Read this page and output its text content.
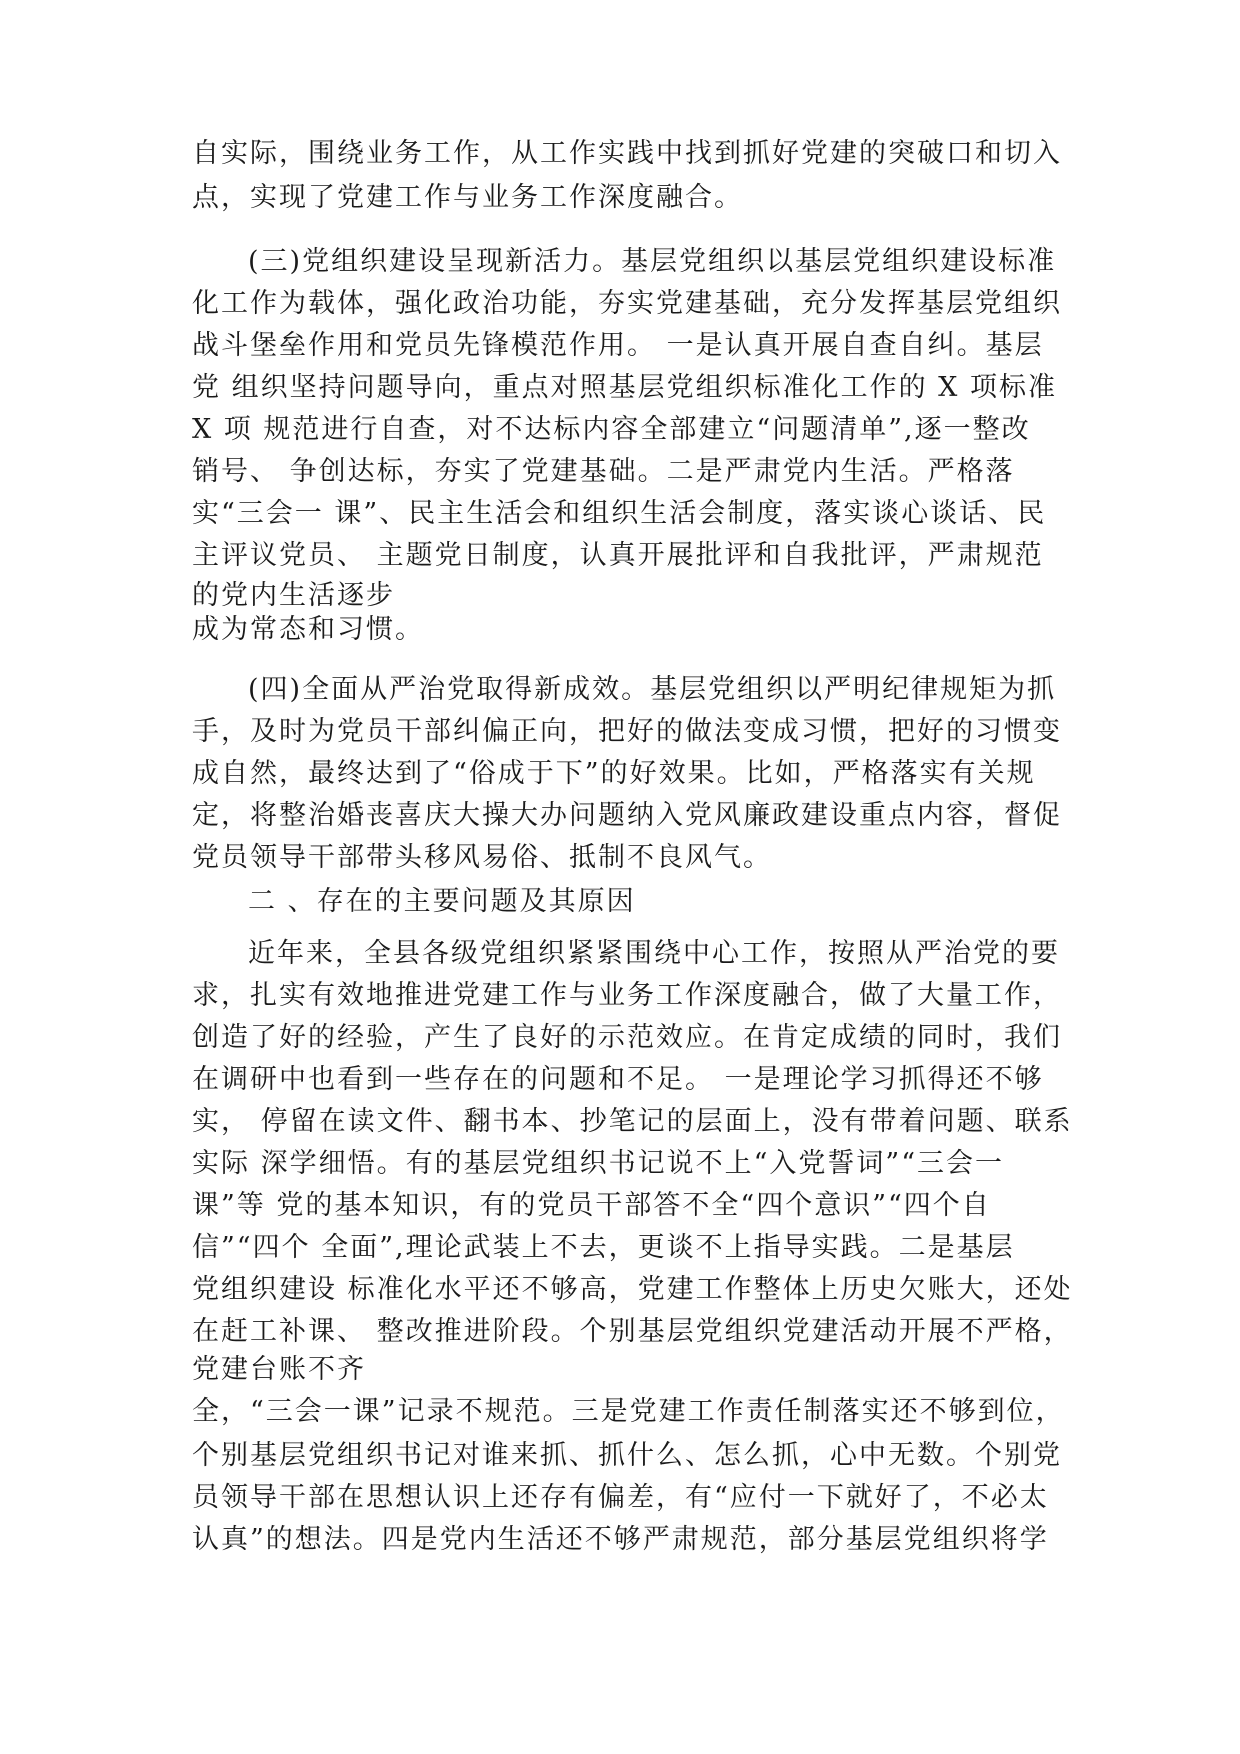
自实际，围绕业务工作，从工作实践中找到抓好党建的突破口和切入

点，实现了党建工作与业务工作深度融合。

(三)党组织建设呈现新活力。基层党组织以基层党组织建设标准

化工作为载体，强化政治功能，夯实党建基础，充分发挥基层党组织

战斗堡垒作用和党员先锋模范作用。 一是认真开展自查自纠。基层

党 组织坚持问题导向，重点对照基层党组织标准化工作的 X 项标准

X 项 规范进行自查，对不达标内容全部建立“问题清单”,逐一整改

销号、 争创达标，夯实了党建基础。二是严肃党内生活。严格落

实“三会一 课”、民主生活会和组织生活会制度，落实谈心谈话、民

主评议党员、 主题党日制度，认真开展批评和自我批评，严肃规范

的党内生活逐步

成为常态和习惯。

(四)全面从严治党取得新成效。基层党组织以严明纪律规矩为抓

手，及时为党员干部纠偏正向，把好的做法变成习惯，把好的习惯变

成自然，最终达到了“俗成于下”的好效果。比如，严格落实有关规

定，将整治婚丧喜庆大操大办问题纳入党风廉政建设重点内容，督促

党员领导干部带头移风易俗、抵制不良风气。

二 、存在的主要问题及其原因

近年来，全县各级党组织紧紧围绕中心工作，按照从严治党的要

求，扎实有效地推进党建工作与业务工作深度融合，做了大量工作，

创造了好的经验，产生了良好的示范效应。在肯定成绩的同时，我们

在调研中也看到一些存在的问题和不足。 一是理论学习抓得还不够

实， 停留在读文件、翻书本、抄笔记的层面上，没有带着问题、联系

实际 深学细悟。有的基层党组织书记说不上“入党誓词”“三会一

课”等 党的基本知识，有的党员干部答不全“四个意识”“四个自

信”“四个 全面”,理论武装上不去，更谈不上指导实践。二是基层

党组织建设 标准化水平还不够高，党建工作整体上历史欠账大，还处

在赶工补课、 整改推进阶段。个别基层党组织党建活动开展不严格，

党建台账不齐

全，“三会一课”记录不规范。三是党建工作责任制落实还不够到位，

个别基层党组织书记对谁来抓、抓什么、怎么抓，心中无数。个别党

员领导干部在思想认识上还存有偏差，有“应付一下就好了，不必太

认真”的想法。四是党内生活还不够严肃规范，部分基层党组织将学
